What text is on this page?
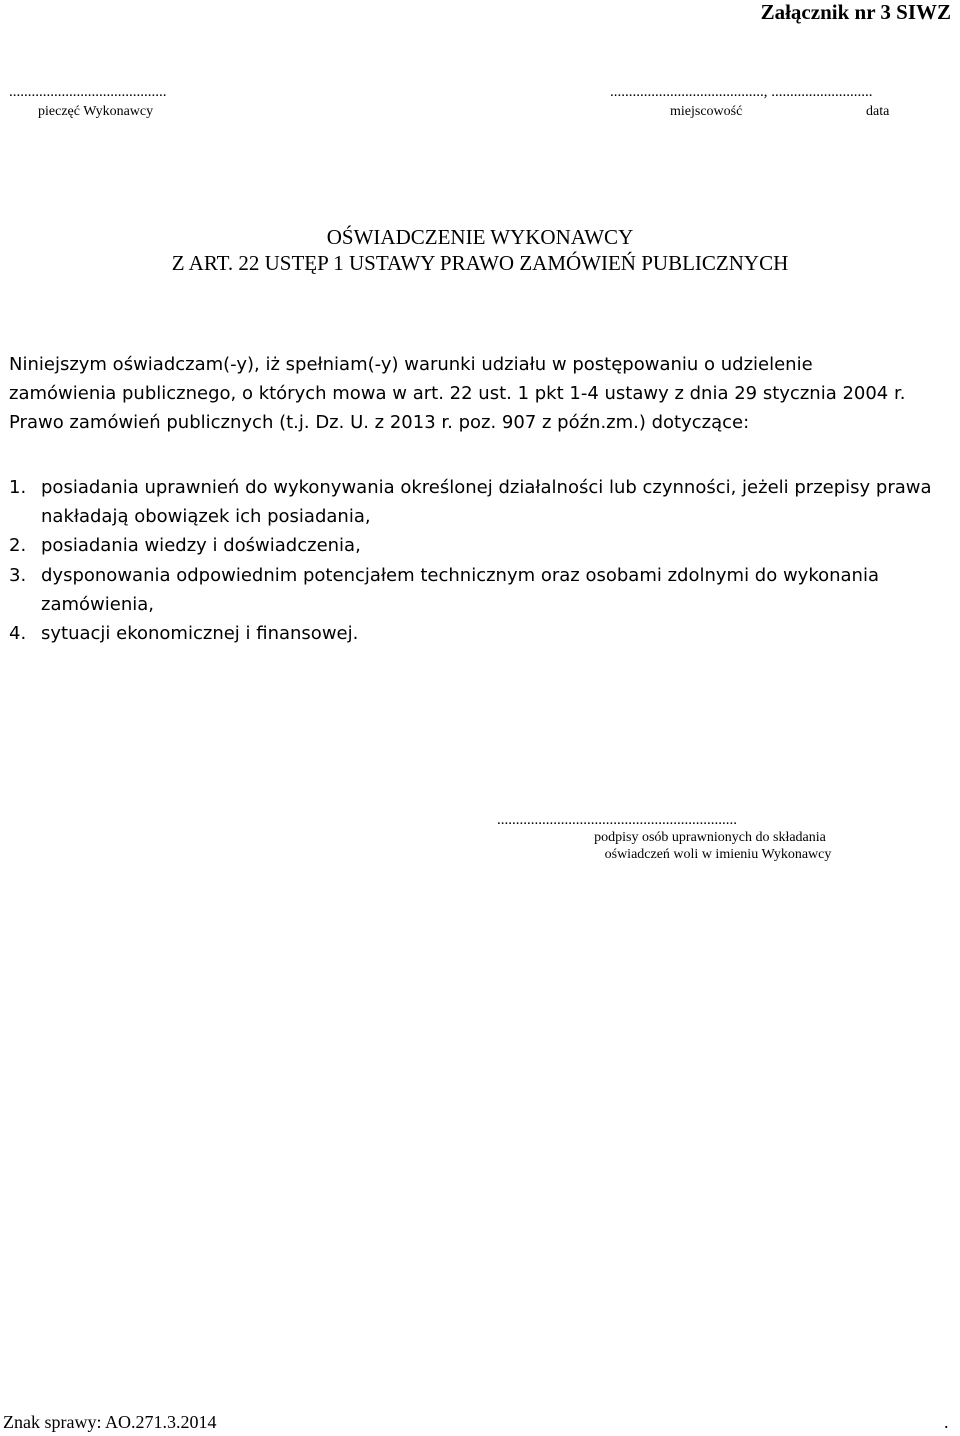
Załącznik nr 3 SIWZ
..........................................
pieczęć Wykonawcy
........................................., ...........................
miejscowość	data
OŚWIADCZENIE WYKONAWCY
Z ART. 22 USTĘP 1 USTAWY PRAWO ZAMÓWIEŃ PUBLICZNYCH
Niniejszym oświadczam(-y), iż spełniam(-y) warunki udziału w postępowaniu o udzielenie
zamówienia publicznego, o których mowa w art. 22 ust. 1 pkt 1-4 ustawy z dnia 29 stycznia 2004 r.
Prawo zamówień publicznych (t.j. Dz. U. z 2013 r. poz. 907 z późn.zm.) dotyczące:
1. posiadania uprawnień do wykonywania określonej działalności lub czynności, jeżeli przepisy prawa
nakładają obowiązek ich posiadania,
2. posiadania wiedzy i doświadczenia,
3. dysponowania odpowiednim potencjałem technicznym oraz osobami zdolnymi do wykonania
zamówienia,
4. sytuacji ekonomicznej i finansowej.
................................................................
podpisy osób uprawnionych do składania
oświadczeń woli w imieniu Wykonawcy
Znak sprawy: AO.271.3.2014	.
